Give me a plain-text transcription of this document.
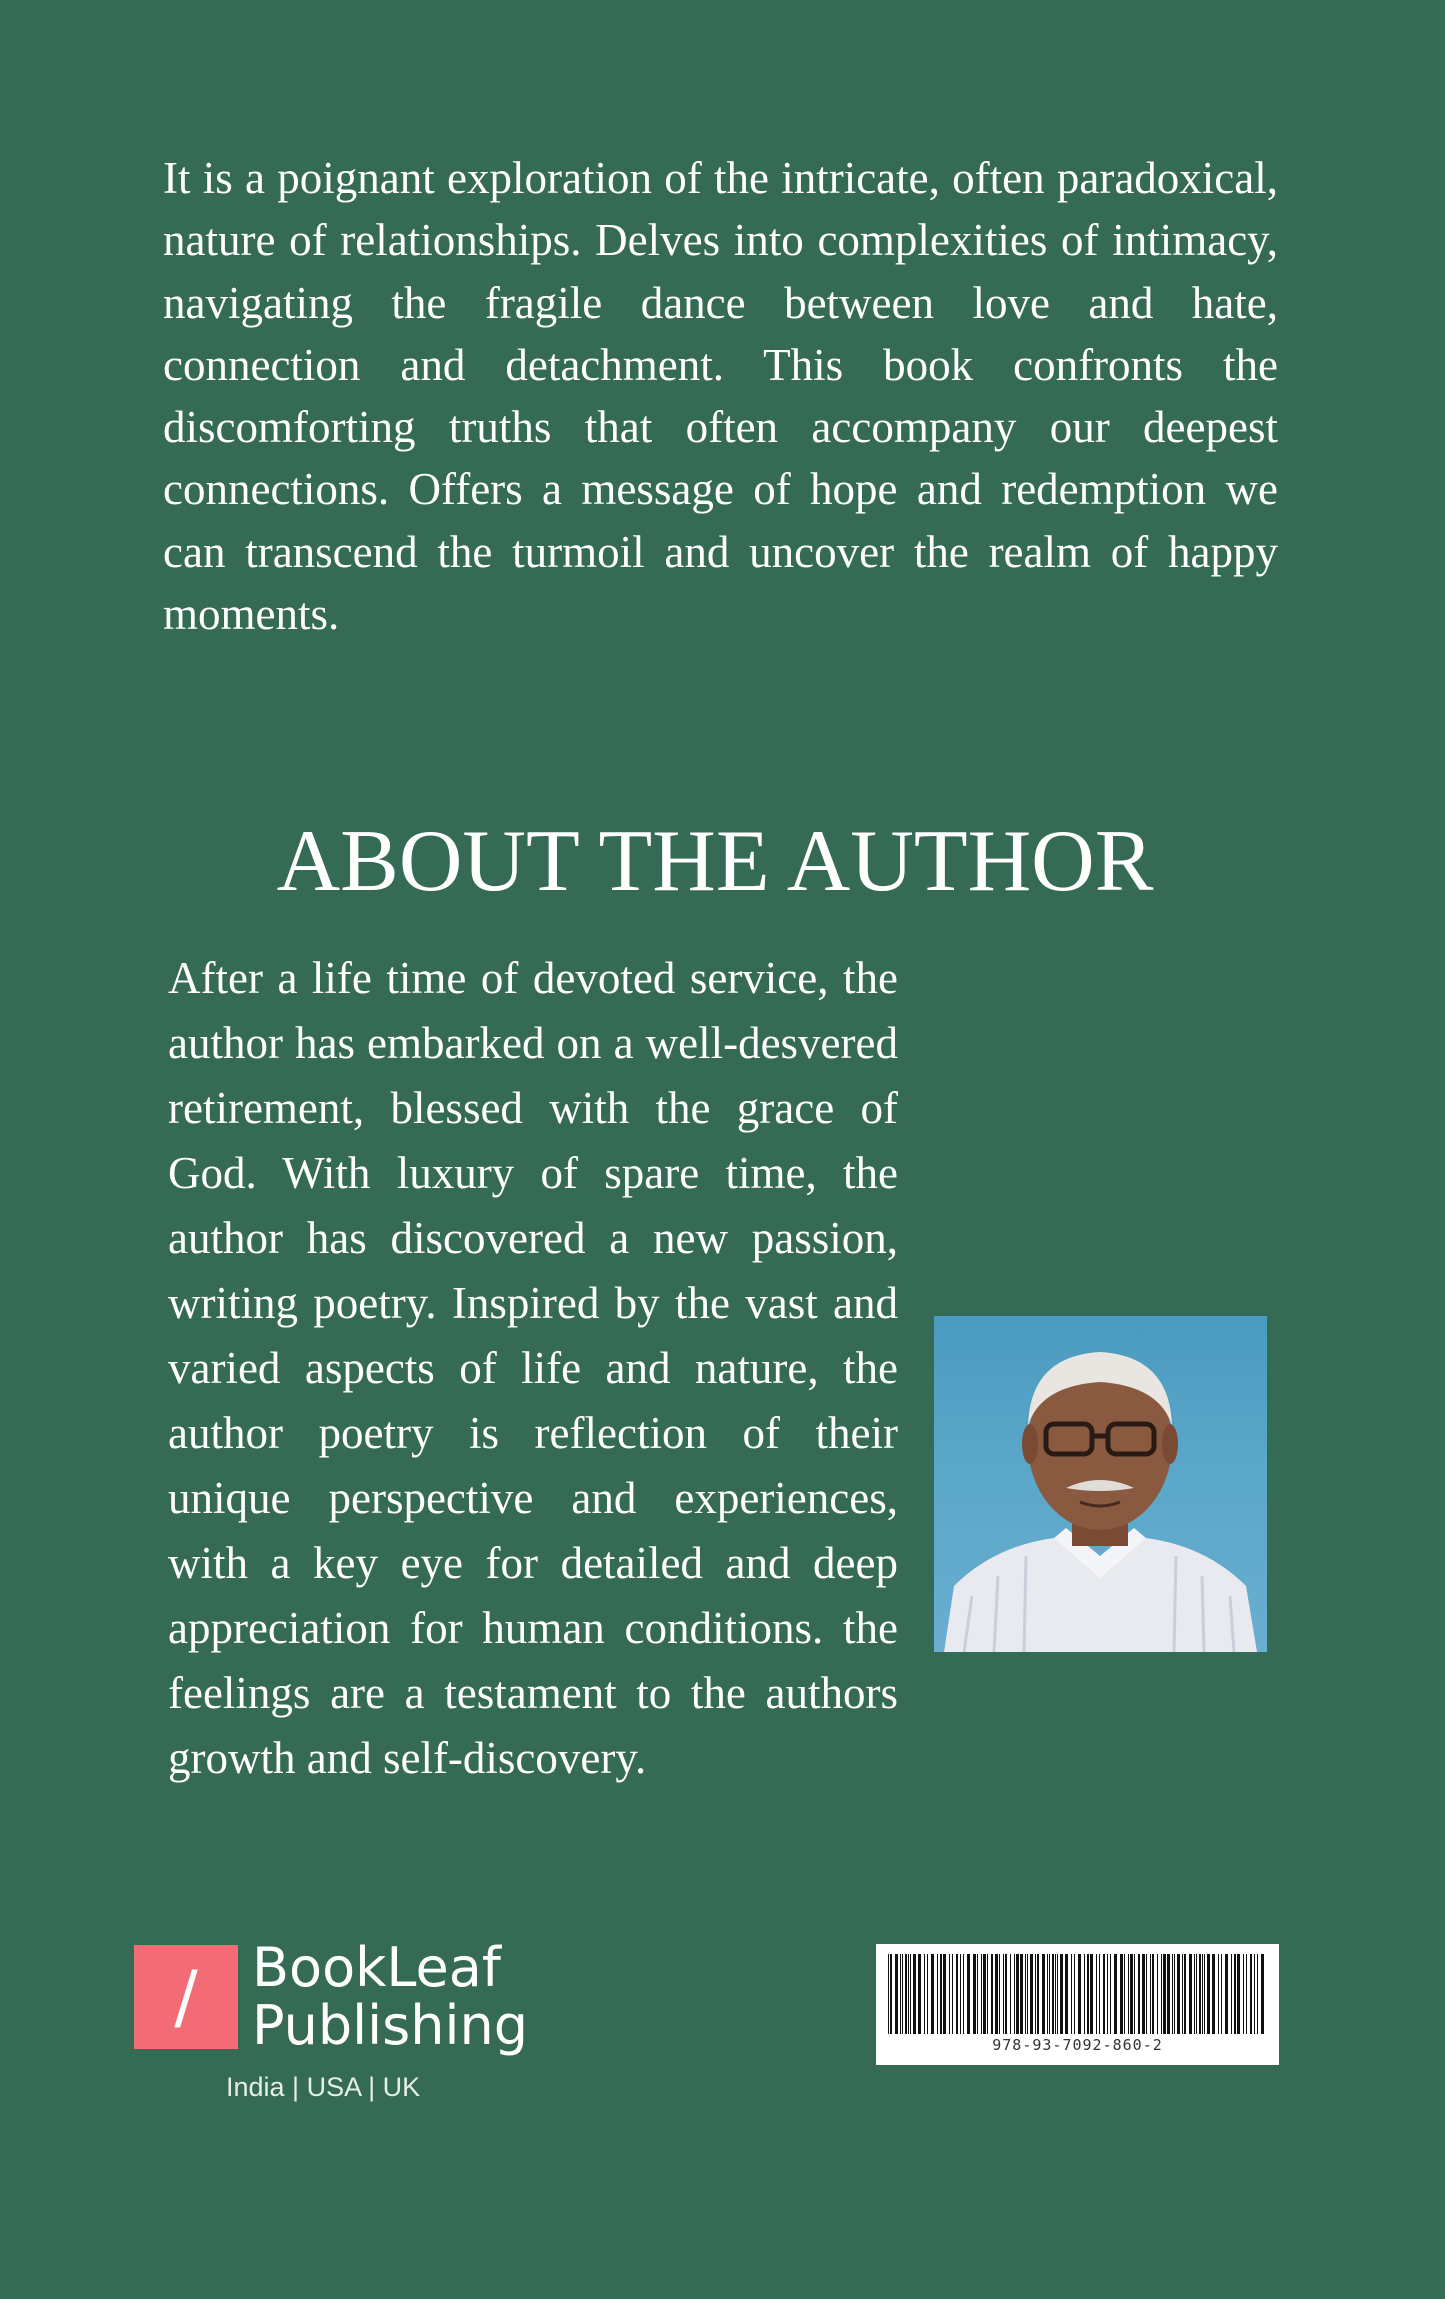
It is a poignant exploration of the intricate, often paradoxical, nature of relationships. Delves into complexities of intimacy, navigating the fragile dance between love and hate, connection and detachment. This book confronts the discomforting truths that often accompany our deepest connections. Offers a message of hope and redemption we can transcend the turmoil and uncover the realm of happy moments.

ABOUT THE AUTHOR

After a life time of devoted service, the author has embarked on a well-desvered retirement, blessed with the grace of God. With luxury of spare time, the author has discovered a new passion, writing poetry. Inspired by the vast and varied aspects of life and nature, the author poetry is reflection of their unique perspective and experiences, with a key eye for detailed and deep appreciation for human conditions. the feelings are a testament to the authors growth and self-discovery.

/	BookLeaf
Publishing
India | USA | UK
978-93-7092-860-2
